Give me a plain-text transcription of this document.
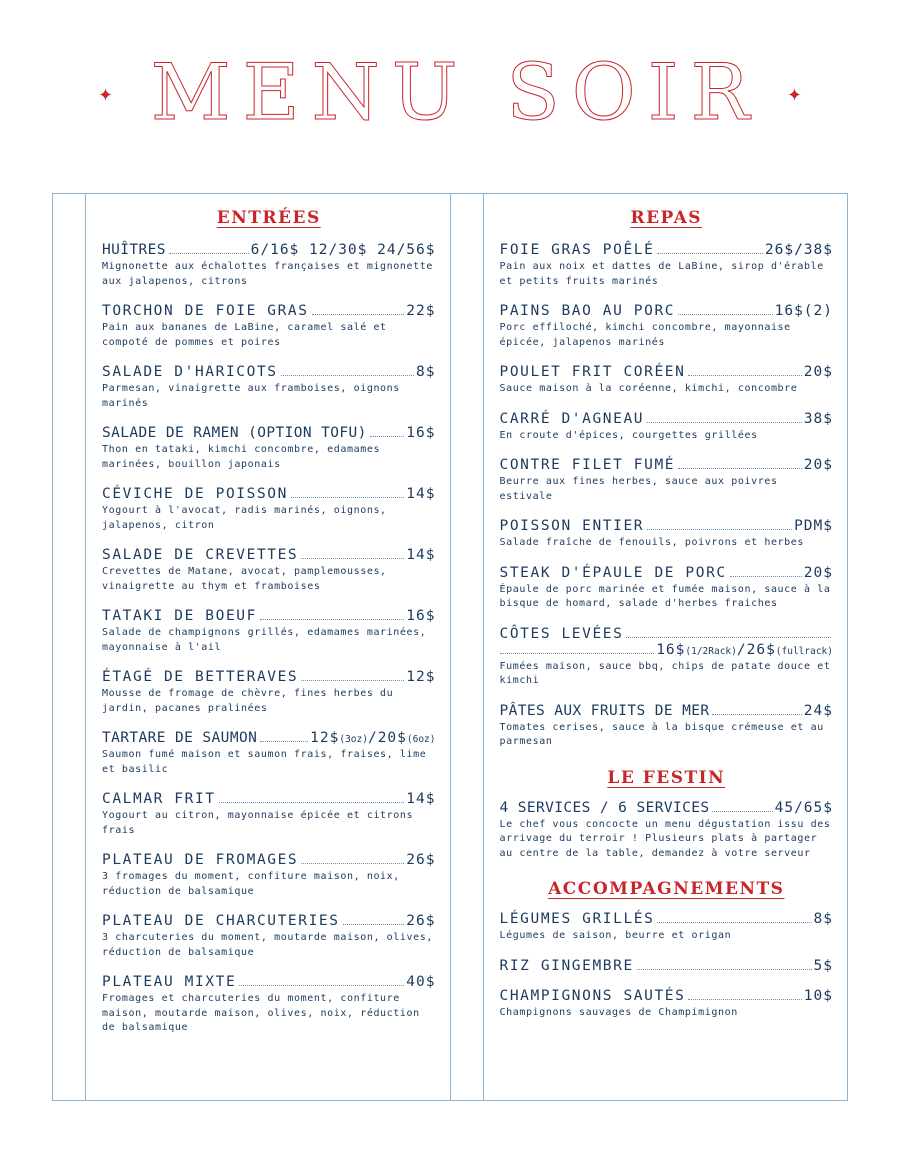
✦ MENU SOIR ✦
ENTRÉES
HUÎTRES	6/16$ 12/30$ 24/56$
Mignonette aux échalottes françaises et mignonette aux jalapenos, citrons
TORCHON DE FOIE GRAS	22$
Pain aux bananes de LaBine, caramel salé et compoté de pommes et poires
SALADE D'HARICOTS	8$
Parmesan, vinaigrette aux framboises, oignons marinés
SALADE DE RAMEN (OPTION TOFU)	16$
Thon en tataki, kimchi concombre, edamames marinées, bouillon japonais
CÉVICHE DE POISSON	14$
Yogourt à l'avocat, radis marinés, oignons, jalapenos, citron
SALADE DE CREVETTES	14$
Crevettes de Matane, avocat, pamplemousses, vinaigrette au thym et framboises
TATAKI DE BOEUF	16$
Salade de champignons grillés, edamames marinées, mayonnaise à l'ail
ÉTAGÉ DE BETTERAVES	12$
Mousse de fromage de chèvre, fines herbes du jardin, pacanes pralinées
TARTARE DE SAUMON	12$(3oz)/20$(6oz)
Saumon fumé maison et saumon frais, fraises, lime et basilic
CALMAR FRIT	14$
Yogourt au citron, mayonnaise épicée et citrons frais
PLATEAU DE FROMAGES	26$
3 fromages du moment, confiture maison, noix, réduction de balsamique
PLATEAU DE CHARCUTERIES	26$
3 charcuteries du moment, moutarde maison, olives, réduction de balsamique
PLATEAU MIXTE	40$
Fromages et charcuteries du moment, confiture maison, moutarde maison, olives, noix, réduction de balsamique
REPAS
FOIE GRAS POÊLÉ	26$/38$
Pain aux noix et dattes de LaBine, sirop d'érable et petits fruits marinés
PAINS BAO AU PORC	16$(2)
Porc effiloché, kimchi concombre, mayonnaise épicée, jalapenos marinés
POULET FRIT CORÉEN	20$
Sauce maison à la coréenne, kimchi, concombre
CARRÉ D'AGNEAU	38$
En croute d'épices, courgettes grillées
CONTRE FILET FUMÉ	20$
Beurre aux fines herbes, sauce aux poivres estivale
POISSON ENTIER	PDM$
Salade fraîche de fenouils, poivrons et herbes
STEAK D'ÉPAULE DE PORC	20$
Épaule de porc marinée et fumée maison, sauce à la bisque de homard, salade d'herbes fraiches
CÔTES LEVÉES
16$(1/2Rack)/26$(fullrack)
Fumées maison, sauce bbq, chips de patate douce et kimchi
PÂTES AUX FRUITS DE MER	24$
Tomates cerises, sauce à la bisque crémeuse et au parmesan
LE FESTIN
4 SERVICES / 6 SERVICES	45/65$
Le chef vous concocte un menu dégustation issu des arrivage du terroir ! Plusieurs plats à partager au centre de la table, demandez à votre serveur
ACCOMPAGNEMENTS
LÉGUMES GRILLÉS	8$
Légumes de saison, beurre et origan
RIZ GINGEMBRE	5$
CHAMPIGNONS SAUTÉS	10$
Champignons sauvages de Champimignon
